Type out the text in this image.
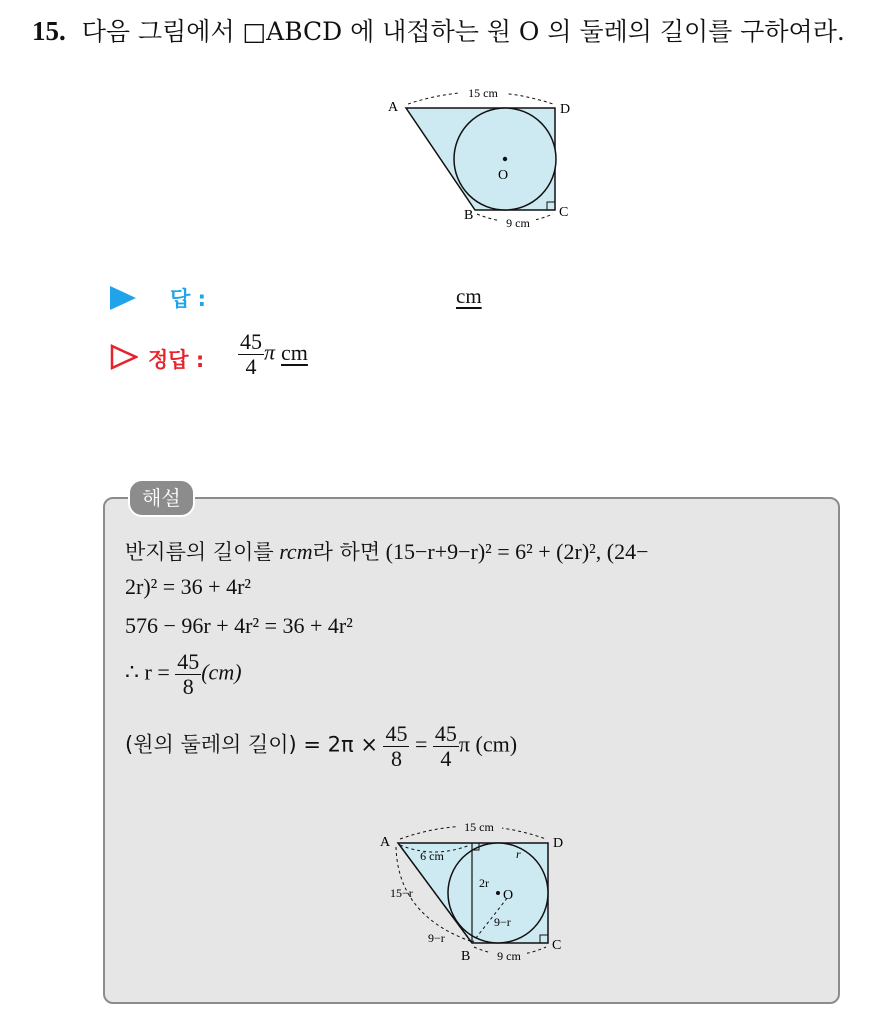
15. 다음 그림에서 □ABCD 에 내접하는 원 O 의 둘레의 길이를 구하여라.
15 cm
9 cm
A	D
B	C
O
답 :	cm
정답 : $\frac{45}{4}$ π cm
해설
반지름의 길이를 rcm라 하면 (15−r+9−r)² = 6² + (2r)², (24−
2r)² = 36 + 4r²
576 − 96r + 4r² = 36 + 4r²
∴ $r = \frac{45}{8} (cm)$
(원의 둘레의 길이) = $2\pi \times \frac{45}{8} = \frac{45}{4}$ π (cm)
15 cm
9 cm
6 cm	r
2r
15−r
9−r
9−r
A	D
B
C
O
